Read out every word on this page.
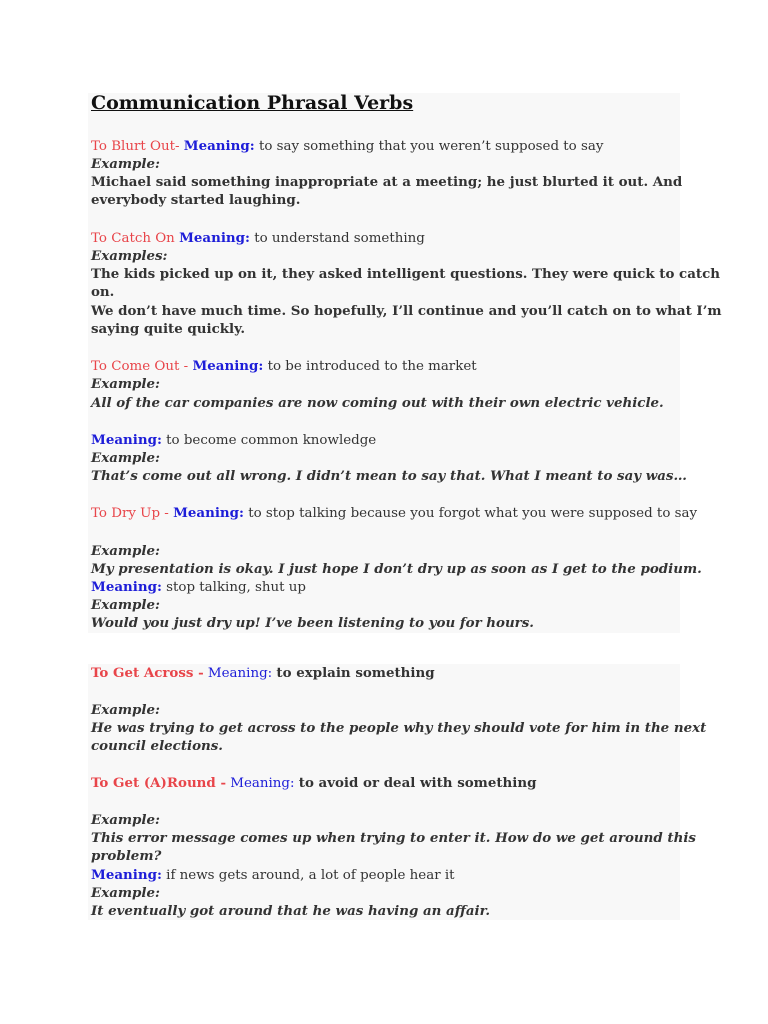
Communication Phrasal Verbs

To Blurt Out- Meaning: to say something that you weren’t supposed to say

Example:

Michael said something inappropriate at a meeting; he just blurted it out. And

everybody started laughing.

To Catch On Meaning: to understand something

Examples:

The kids picked up on it, they asked intelligent questions. They were quick to catch

on.

We don’t have much time. So hopefully, I’ll continue and you’ll catch on to what I’m

saying quite quickly.

To Come Out - Meaning: to be introduced to the market

Example:

All of the car companies are now coming out with their own electric vehicle.

Meaning: to become common knowledge

Example:

That’s come out all wrong. I didn’t mean to say that. What I meant to say was…

To Dry Up - Meaning: to stop talking because you forgot what you were supposed to say

Example:

My presentation is okay. I just hope I don’t dry up as soon as I get to the podium.

Meaning: stop talking, shut up

Example:

Would you just dry up! I’ve been listening to you for hours.

To Get Across - Meaning: to explain something

Example:

He was trying to get across to the people why they should vote for him in the next

council elections.

To Get (A)Round - Meaning: to avoid or deal with something

Example:

This error message comes up when trying to enter it. How do we get around this

problem?

Meaning: if news gets around, a lot of people hear it

Example:

It eventually got around that he was having an affair.
